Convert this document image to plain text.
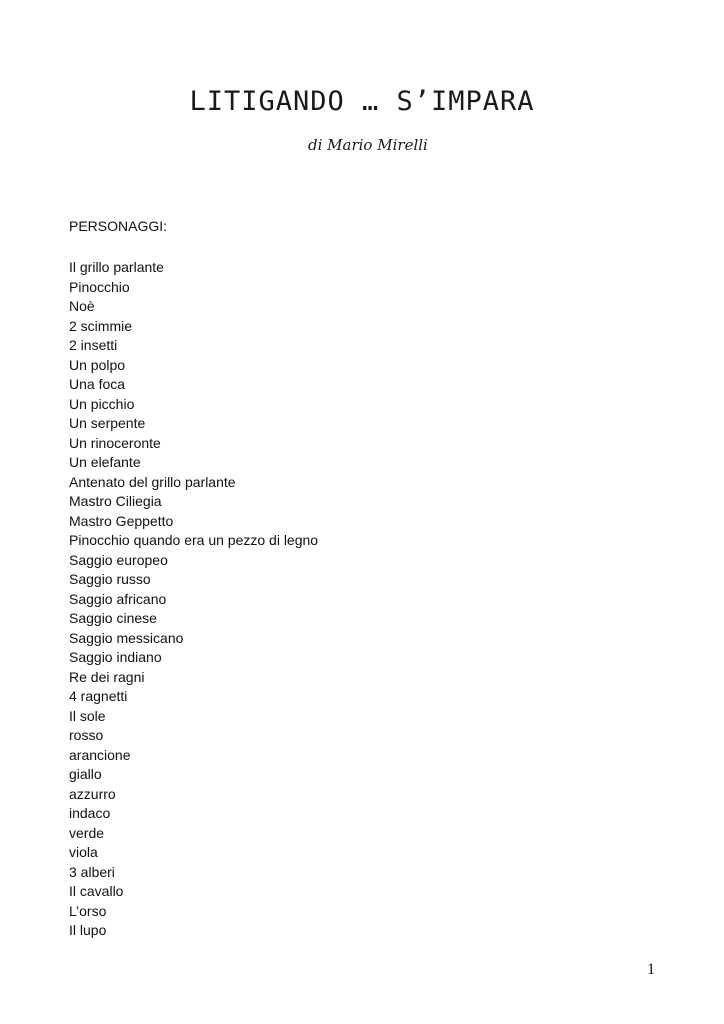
LITIGANDO … S’IMPARA

di Mario Mirelli

PERSONAGGI:

Il grillo parlante
Pinocchio
Noè
2 scimmie
2 insetti
Un polpo
Una foca
Un picchio
Un serpente
Un rinoceronte
Un elefante
Antenato del grillo parlante
Mastro Ciliegia
Mastro Geppetto
Pinocchio quando era un pezzo di legno
Saggio europeo
Saggio russo
Saggio africano
Saggio cinese
Saggio messicano
Saggio indiano
Re dei ragni
4 ragnetti
Il sole
rosso
arancione
giallo
azzurro
indaco
verde
viola
3 alberi
Il cavallo
L’orso
Il lupo

1
